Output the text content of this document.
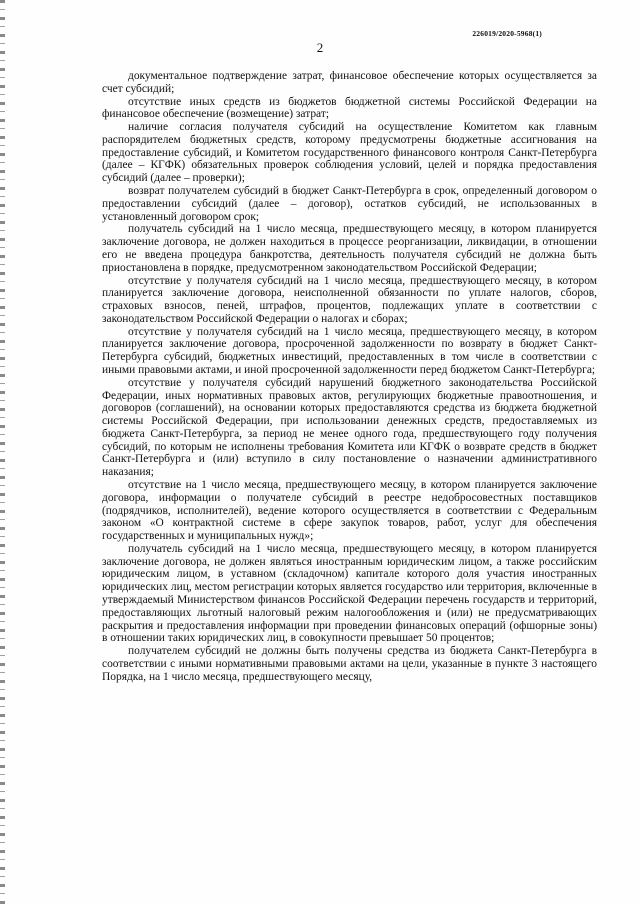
226019/2020-5968(1)
2

документальное подтверждение затрат, финансовое обеспечение которых осуществляется за счет субсидий;

отсутствие иных средств из бюджетов бюджетной системы Российской Федерации на финансовое обеспечение (возмещение) затрат;

наличие согласия получателя субсидий на осуществление Комитетом как главным распорядителем бюджетных средств, которому предусмотрены бюджетные ассигнования на предоставление субсидий, и Комитетом государственного финансового контроля Санкт-Петербурга (далее – КГФК) обязательных проверок соблюдения условий, целей и порядка предоставления субсидий (далее – проверки);

возврат получателем субсидий в бюджет Санкт-Петербурга в срок, определенный договором о предоставлении субсидий (далее – договор), остатков субсидий, не использованных в установленный договором срок;

получатель субсидий на 1 число месяца, предшествующего месяцу, в котором планируется заключение договора, не должен находиться в процессе реорганизации, ликвидации, в отношении его не введена процедура банкротства, деятельность получателя субсидий не должна быть приостановлена в порядке, предусмотренном законодательством Российской Федерации;

отсутствие у получателя субсидий на 1 число месяца, предшествующего месяцу, в котором планируется заключение договора, неисполненной обязанности по уплате налогов, сборов, страховых взносов, пеней, штрафов, процентов, подлежащих уплате в соответствии с законодательством Российской Федерации о налогах и сборах;

отсутствие у получателя субсидий на 1 число месяца, предшествующего месяцу, в котором планируется заключение договора, просроченной задолженности по возврату в бюджет Санкт-Петербурга субсидий, бюджетных инвестиций, предоставленных в том числе в соответствии с иными правовыми актами, и иной просроченной задолженности перед бюджетом Санкт-Петербурга;

отсутствие у получателя субсидий нарушений бюджетного законодательства Российской Федерации, иных нормативных правовых актов, регулирующих бюджетные правоотношения, и договоров (соглашений), на основании которых предоставляются средства из бюджета бюджетной системы Российской Федерации, при использовании денежных средств, предоставляемых из бюджета Санкт-Петербурга, за период не менее одного года, предшествующего году получения субсидий, по которым не исполнены требования Комитета или КГФК о возврате средств в бюджет Санкт-Петербурга и (или) вступило в силу постановление о назначении административного наказания;

отсутствие на 1 число месяца, предшествующего месяцу, в котором планируется заключение договора, информации о получателе субсидий в реестре недобросовестных поставщиков (подрядчиков, исполнителей), ведение которого осуществляется в соответствии с Федеральным законом «О контрактной системе в сфере закупок товаров, работ, услуг для обеспечения государственных и муниципальных нужд»;

получатель субсидий на 1 число месяца, предшествующего месяцу, в котором планируется заключение договора, не должен являться иностранным юридическим лицом, а также российским юридическим лицом, в уставном (складочном) капитале которого доля участия иностранных юридических лиц, местом регистрации которых является государство или территория, включенные в утверждаемый Министерством финансов Российской Федерации перечень государств и территорий, предоставляющих льготный налоговый режим налогообложения и (или) не предусматривающих раскрытия и предоставления информации при проведении финансовых операций (офшорные зоны) в отношении таких юридических лиц, в совокупности превышает 50 процентов;

получателем субсидий не должны быть получены средства из бюджета Санкт-Петербурга в соответствии с иными нормативными правовыми актами на цели, указанные в пункте 3 настоящего Порядка, на 1 число месяца, предшествующего месяцу,
